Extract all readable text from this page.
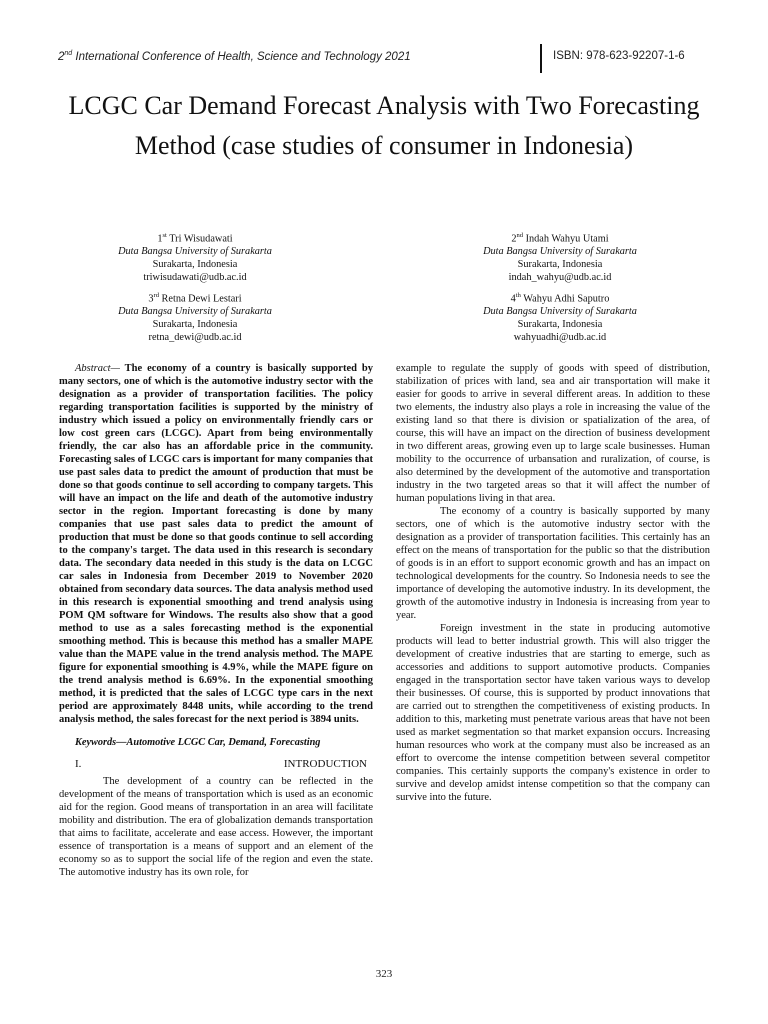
2nd International Conference of Health, Science and Technology 2021	ISBN: 978-623-92207-1-6
LCGC Car Demand Forecast Analysis with Two Forecasting Method (case studies of consumer in Indonesia)
1st Tri Wisudawati
Duta Bangsa University of Surakarta
Surakarta, Indonesia
triwisudawati@udb.ac.id
2nd Indah Wahyu Utami
Duta Bangsa University of Surakarta
Surakarta, Indonesia
indah_wahyu@udb.ac.id
3rd Retna Dewi Lestari
Duta Bangsa University of Surakarta
Surakarta, Indonesia
retna_dewi@udb.ac.id
4th Wahyu Adhi Saputro
Duta Bangsa University of Surakarta
Surakarta, Indonesia
wahyuadhi@udb.ac.id

Abstract— The economy of a country is basically supported by many sectors, one of which is the automotive industry sector with the designation as a provider of transportation facilities. The policy regarding transportation facilities is supported by the ministry of industry which issued a policy on environmentally friendly cars or low cost green cars (LCGC). Apart from being environmentally friendly, the car also has an affordable price in the community. Forecasting sales of LCGC cars is important for many companies that use past sales data to predict the amount of production that must be done so that goods continue to sell according to company targets. This will have an impact on the life and death of the automotive industry sector in the region. Important forecasting is done by many companies that use past sales data to predict the amount of production that must be done so that goods continue to sell according to the company's target. The data used in this research is secondary data. The secondary data needed in this study is the data on LCGC car sales in Indonesia from December 2019 to November 2020 obtained from secondary data sources. The data analysis method used in this research is exponential smoothing and trend analysis using POM QM software for Windows. The results also show that a good method to use as a sales forecasting method is the exponential smoothing method. This is because this method has a smaller MAPE value than the MAPE value in the trend analysis method. The MAPE figure for exponential smoothing is 4.9%, while the MAPE figure on the trend analysis method is 6.69%. In the exponential smoothing method, it is predicted that the sales of LCGC type cars in the next period are approximately 8448 units, while according to the trend analysis method, the sales forecast for the next period is 3894 units.

Keywords—Automotive LCGC Car, Demand, Forecasting

I.	INTRODUCTION

The development of a country can be reflected in the development of the means of transportation which is used as an economic aid for the region. Good means of transportation in an area will facilitate mobility and distribution. The era of globalization demands transportation that aims to facilitate, accelerate and ease access. However, the important essence of transportation is a means of support and an element of the economy so as to support the social life of the region and even the state. The automotive industry has its own role, for

example to regulate the supply of goods with speed of distribution, stabilization of prices with land, sea and air transportation will make it easier for goods to arrive in several different areas. In addition to these two elements, the industry also plays a role in increasing the value of the existing land so that there is division or spatialization of the area, of course, this will have an impact on the direction of business development in two different areas, growing even up to large scale businesses. Human mobility to the occurrence of urbansation and ruralization, of course, is also determined by the development of the automotive and transportation industry in the two targeted areas so that it will affect the number of human populations living in that area.

The economy of a country is basically supported by many sectors, one of which is the automotive industry sector with the designation as a provider of transportation facilities. This certainly has an effect on the means of transportation for the public so that the distribution of goods is in an effort to support economic growth and has an impact on technological developments for the country. So Indonesia needs to see the importance of developing the automotive industry. In its development, the growth of the automotive industry in Indonesia is increasing from year to year.

Foreign investment in the state in producing automotive products will lead to better industrial growth. This will also trigger the development of creative industries that are starting to emerge, such as accessories and additions to support automotive products. Companies engaged in the transportation sector have taken various ways to develop their businesses. Of course, this is supported by product innovations that are carried out to strengthen the competitiveness of existing products. In addition to this, marketing must penetrate various areas that have not been used as market segmentation so that market expansion occurs. Increasing human resources who work at the company must also be increased as an effort to overcome the intense competition between several competitor companies. This certainly supports the company's existence in order to survive and develop amidst intense competition so that the company can survive into the future.

323
